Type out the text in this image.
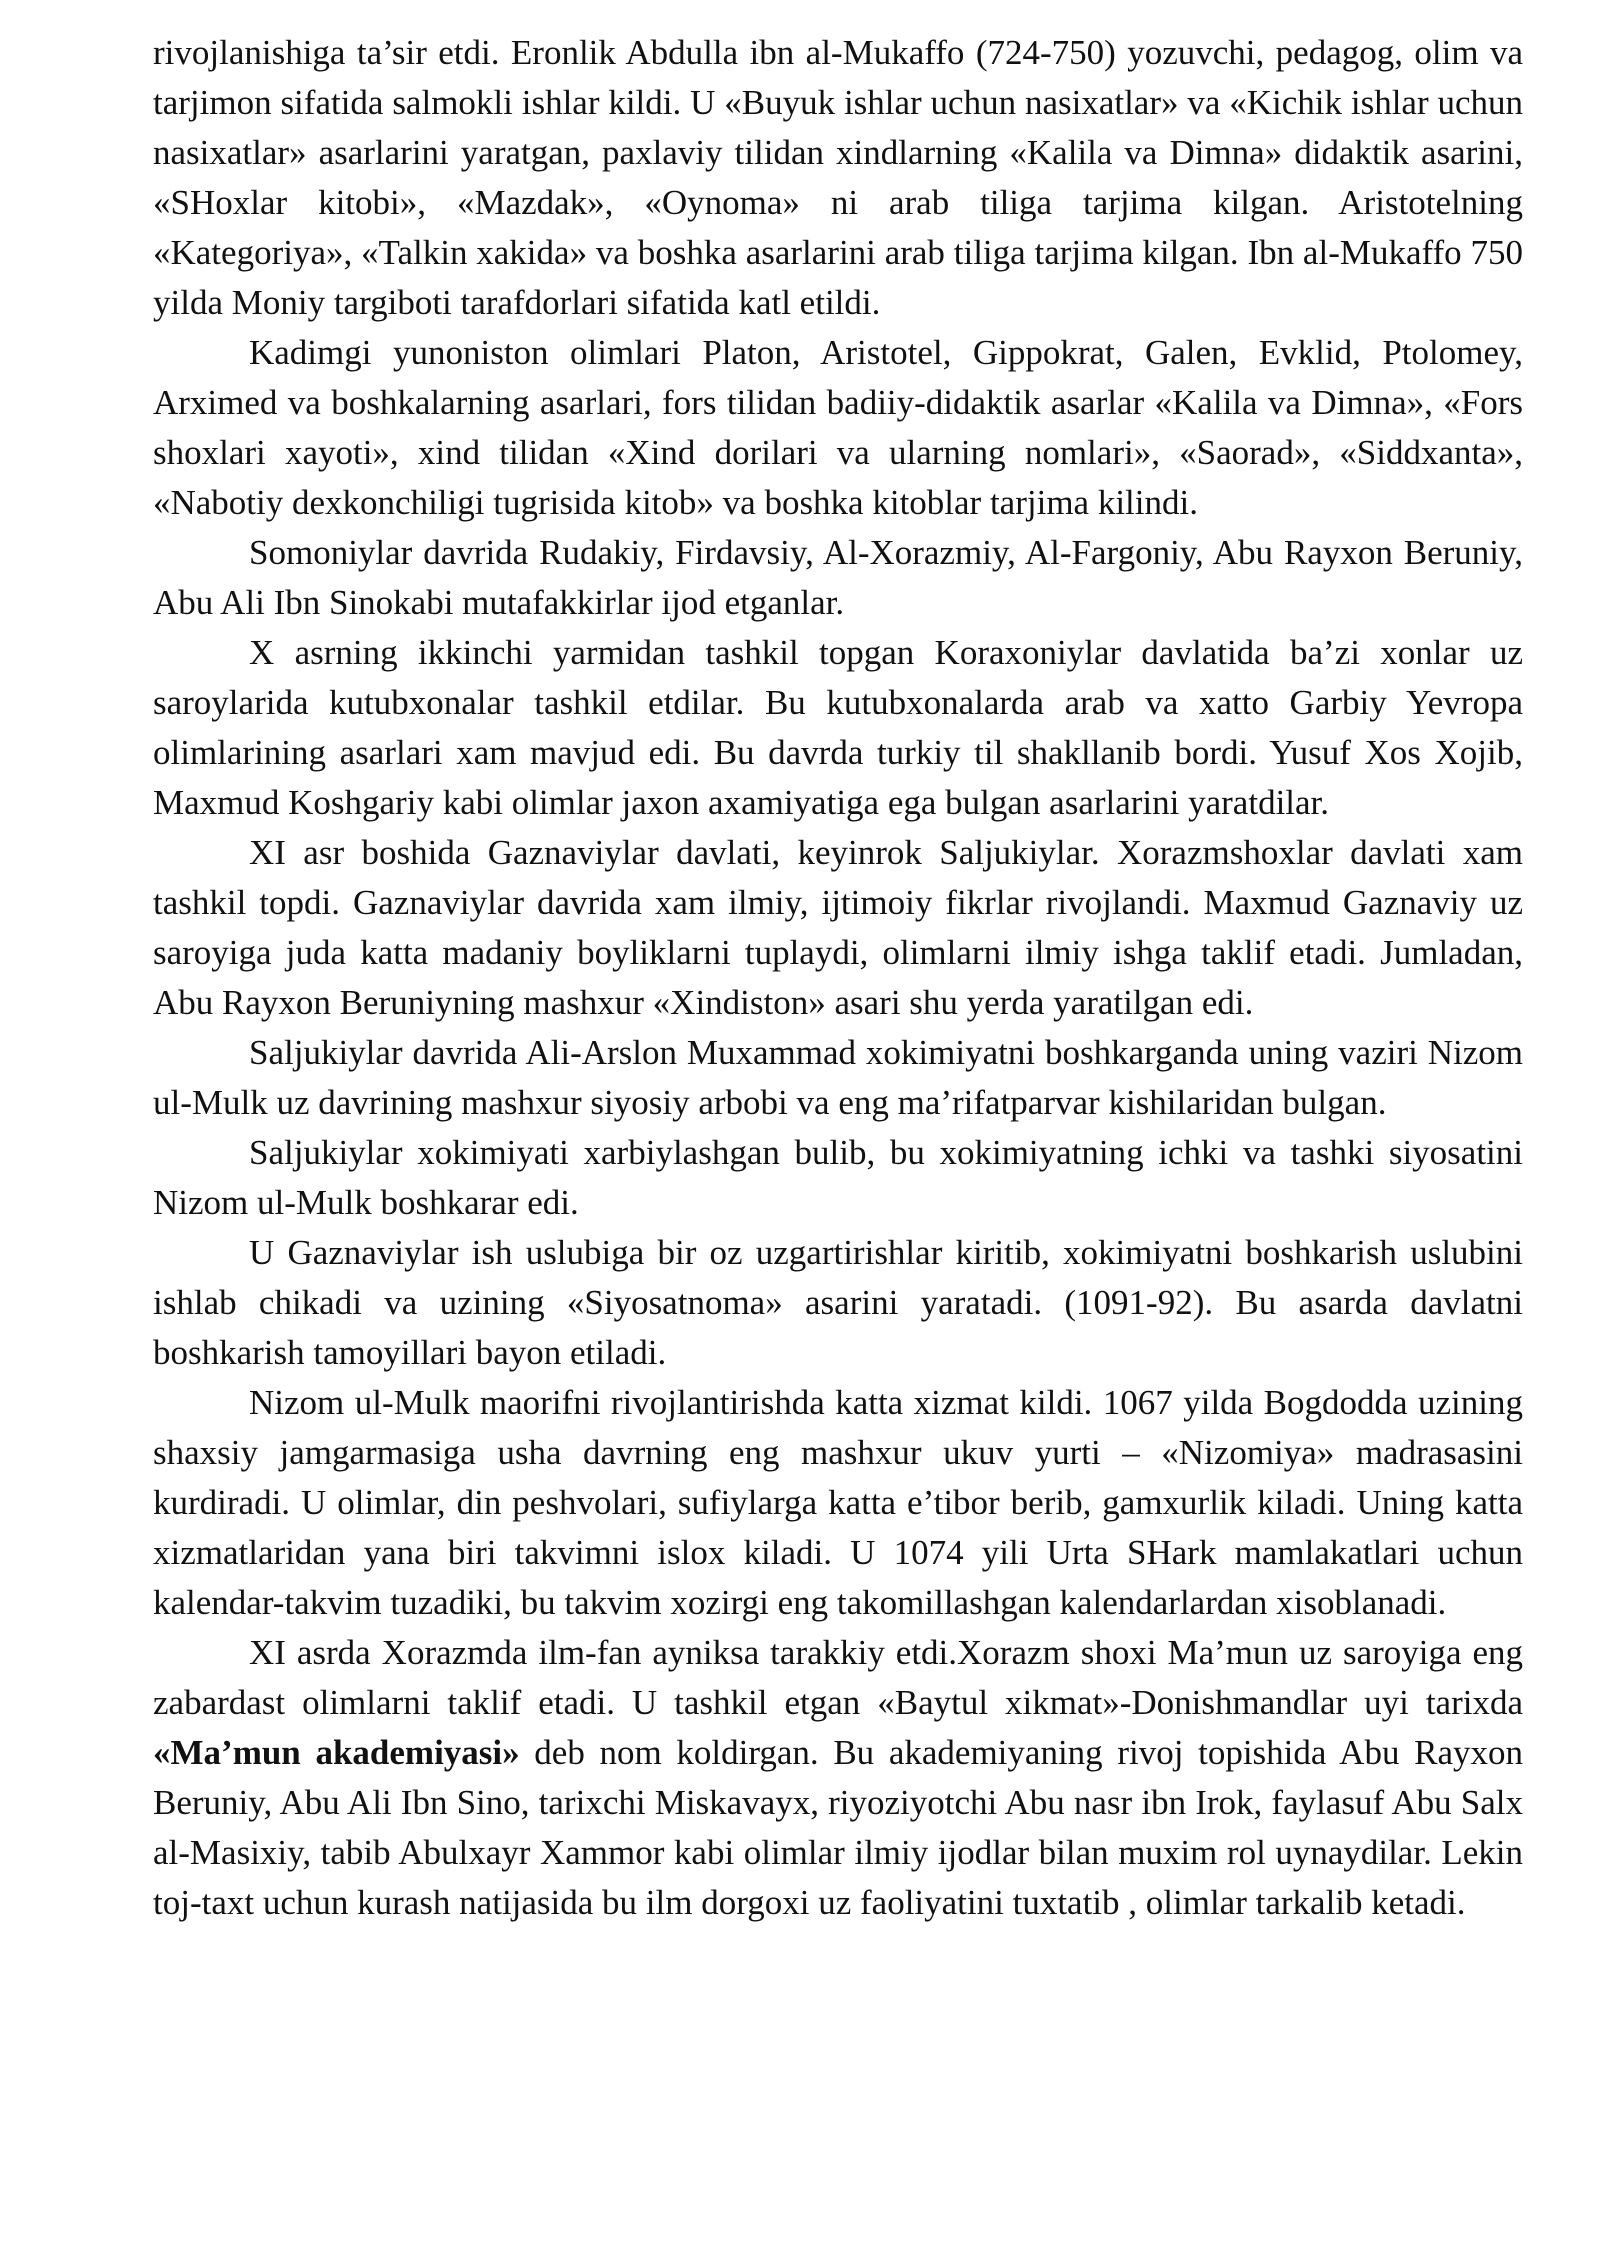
rivojlanishiga ta’sir etdi. Eronlik Abdulla ibn al-Mukaffo (724-750) yozuvchi, pedagog, olim va tarjimon sifatida salmokli ishlar kildi. U «Buyuk ishlar uchun nasixatlar» va «Kichik ishlar uchun nasixatlar» asarlarini yaratgan, paxlaviy tilidan xindlarning «Kalila va Dimna» didaktik asarini, «SHoxlar kitobi», «Mazdak», «Oynoma» ni arab tiliga tarjima kilgan. Aristotelning «Kategoriya», «Talkin xakida» va boshka asarlarini arab tiliga tarjima kilgan. Ibn al-Mukaffo 750 yilda Moniy targiboti tarafdorlari sifatida katl etildi.

Kadimgi yunoniston olimlari Platon, Aristotel, Gippokrat, Galen, Evklid, Ptolomey, Arximed va boshkalarning asarlari, fors tilidan badiiy-didaktik asarlar «Kalila va Dimna», «Fors shoxlari xayoti», xind tilidan «Xind dorilari va ularning nomlari», «Saorad», «Siddxanta», «Nabotiy dexkonchiligi tugrisida kitob» va boshka kitoblar tarjima kilindi.

Somoniylar davrida Rudakiy, Firdavsiy, Al-Xorazmiy, Al-Fargoniy, Abu Rayxon Beruniy, Abu Ali Ibn Sinokabi mutafakkirlar ijod etganlar.

X asrning ikkinchi yarmidan tashkil topgan Koraxoniylar davlatida ba’zi xonlar uz saroylarida kutubxonalar tashkil etdilar. Bu kutubxonalarda arab va xatto Garbiy Yevropa olimlarining asarlari xam mavjud edi. Bu davrda turkiy til shakllanib bordi. Yusuf Xos Xojib, Maxmud Koshgariy kabi olimlar jaxon axamiyatiga ega bulgan asarlarini yaratdilar.

XI asr boshida Gaznaviylar davlati, keyinrok Saljukiylar. Xorazmshoxlar davlati xam tashkil topdi. Gaznaviylar davrida xam ilmiy, ijtimoiy fikrlar rivojlandi. Maxmud Gaznaviy uz saroyiga juda katta madaniy boyliklarni tuplaydi, olimlarni ilmiy ishga taklif etadi. Jumladan, Abu Rayxon Beruniyning mashxur «Xindiston» asari shu yerda yaratilgan edi.

Saljukiylar davrida Ali-Arslon Muxammad xokimiyatni boshkarganda uning vaziri Nizom ul-Mulk uz davrining mashxur siyosiy arbobi va eng ma’rifatparvar kishilaridan bulgan.

Saljukiylar xokimiyati xarbiylashgan bulib, bu xokimiyatning ichki va tashki siyosatini Nizom ul-Mulk boshkarar edi.

U Gaznaviylar ish uslubiga bir oz uzgartirishlar kiritib, xokimiyatni boshkarish uslubini ishlab chikadi va uzining «Siyosatnoma» asarini yaratadi. (1091-92). Bu asarda davlatni boshkarish tamoyillari bayon etiladi.

Nizom ul-Mulk maorifni rivojlantirishda katta xizmat kildi. 1067 yilda Bogdodda uzining shaxsiy jamgarmasiga usha davrning eng mashxur ukuv yurti – «Nizomiya» madrasasini kurdiradi. U olimlar, din peshvolari, sufiylarga katta e’tibor berib, gamxurlik kiladi. Uning katta xizmatlaridan yana biri takvimni islox kiladi. U 1074 yili Urta SHark mamlakatlari uchun kalendar-takvim tuzadiki, bu takvim xozirgi eng takomillashgan kalendarlardan xisoblanadi.

XI asrda Xorazmda ilm-fan ayniksa tarakkiy etdi.Xorazm shoxi Ma’mun uz saroyiga eng zabardast olimlarni taklif etadi. U tashkil etgan «Baytul xikmat»-Donishmandlar uyi tarixda «Ma’mun akademiyasi» deb nom koldirgan. Bu akademiyaning rivoj topishida Abu Rayxon Beruniy, Abu Ali Ibn Sino, tarixchi Miskavayx, riyoziyotchi Abu nasr ibn Irok, faylasuf Abu Salx al-Masixiy, tabib Abulxayr Xammor kabi olimlar ilmiy ijodlar bilan muxim rol uynaydilar. Lekin toj-taxt uchun kurash natijasida bu ilm dorgoxi uz faoliyatini tuxtatib , olimlar tarkalib ketadi.
